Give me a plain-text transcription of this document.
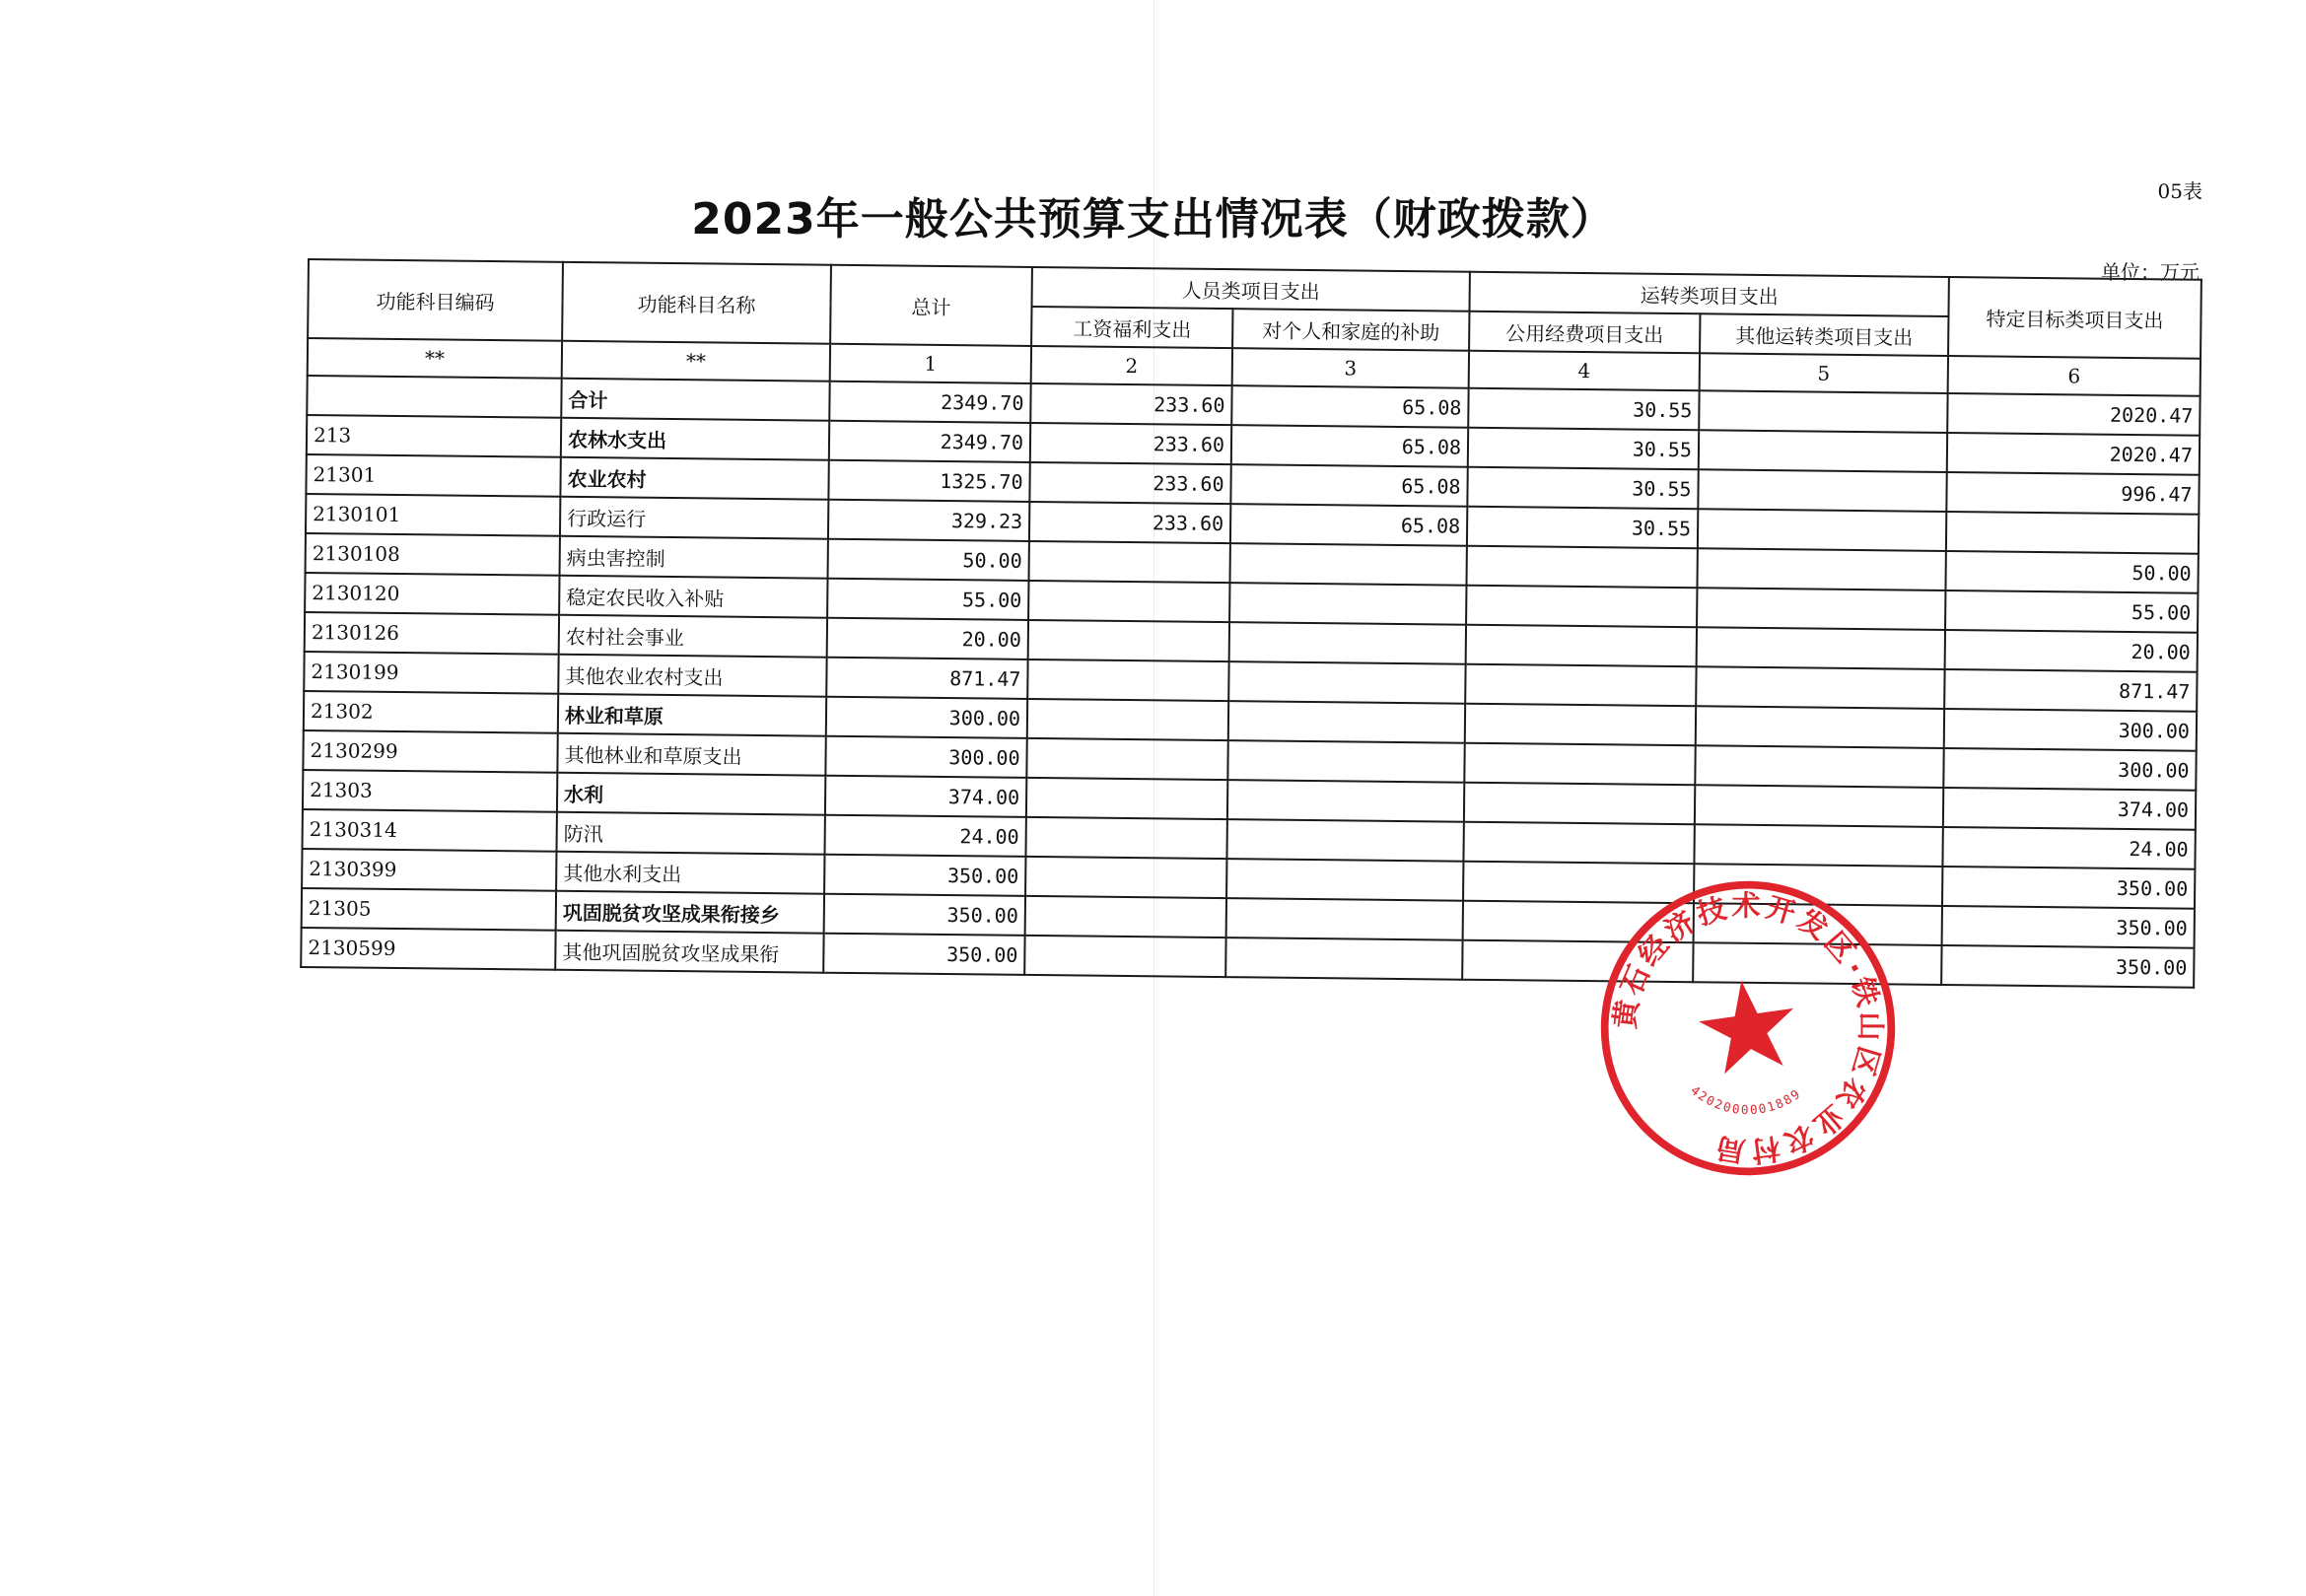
2023年一般公共预算支出情况表（财政拨款）
05表
单位：万元
功能科目编码	功能科目名称	总计	人员类项目支出		运转类项目支出		特定目标类项目支出
			工资福利支出	对个人和家庭的补助	公用经费项目支出	其他运转类项目支出	
**	**	1	2	3	4	5	6
	合计	2349.70	233.60	65.08	30.55		2020.47
213	农林水支出	2349.70	233.60	65.08	30.55		2020.47
21301	农业农村	1325.70	233.60	65.08	30.55		996.47
2130101	行政运行	329.23	233.60	65.08	30.55		
2130108	病虫害控制	50.00					50.00
2130120	稳定农民收入补贴	55.00					55.00
2130126	农村社会事业	20.00					20.00
2130199	其他农业农村支出	871.47					871.47
21302	林业和草原	300.00					300.00
2130299	其他林业和草原支出	300.00					300.00
21303	水利	374.00					374.00
2130314	防汛	24.00					24.00
2130399	其他水利支出	350.00					350.00
21305	巩固脱贫攻坚成果衔接乡	350.00					350.00
2130599	其他巩固脱贫攻坚成果衔	350.00					350.00
黄石经济技术开发区·铁山区农业农村局
4202000001889
